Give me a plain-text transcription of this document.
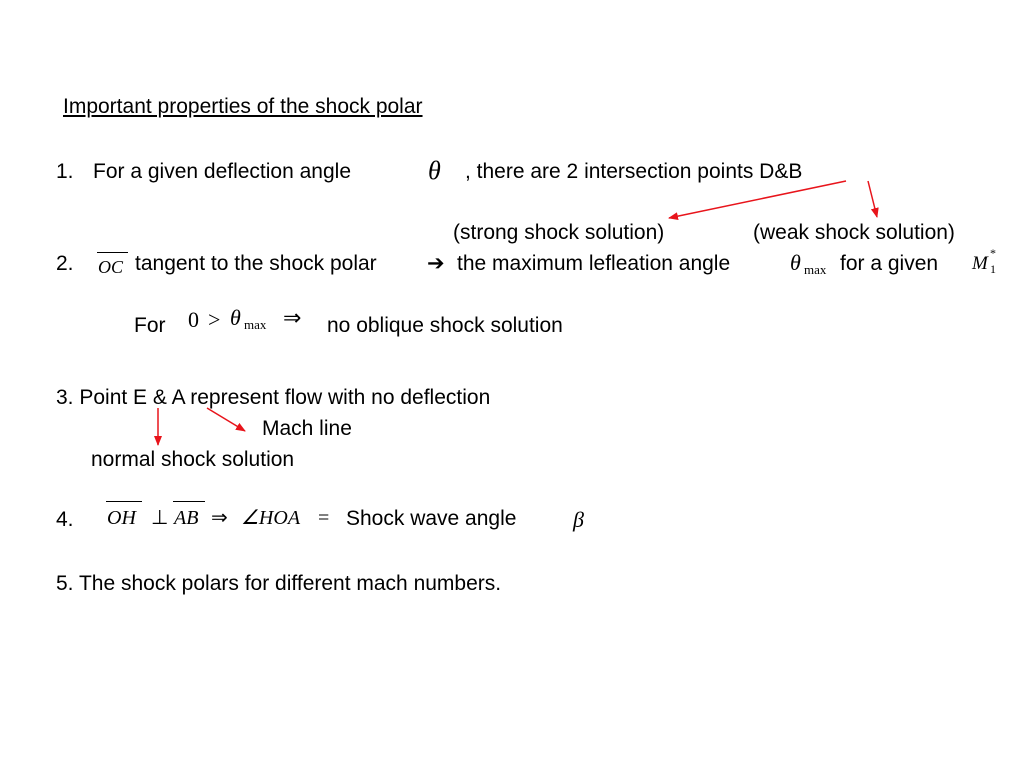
Important properties of the shock polar
1. For a given deflection angle	θ , there are 2 intersection points D&B
(strong shock solution)	(weak shock solution)
2. OC tangent to the shock polar ➔ the maximum lefleation angle	θ max for a given M *
1
For 0 > θ max ⇒ no oblique shock solution
3. Point E & A represent flow with no deflection
Mach line
normal shock solution
4. OH ⊥ AB ⇒ ∠HOA = Shock wave angle	β
5. The shock polars for different mach numbers.
